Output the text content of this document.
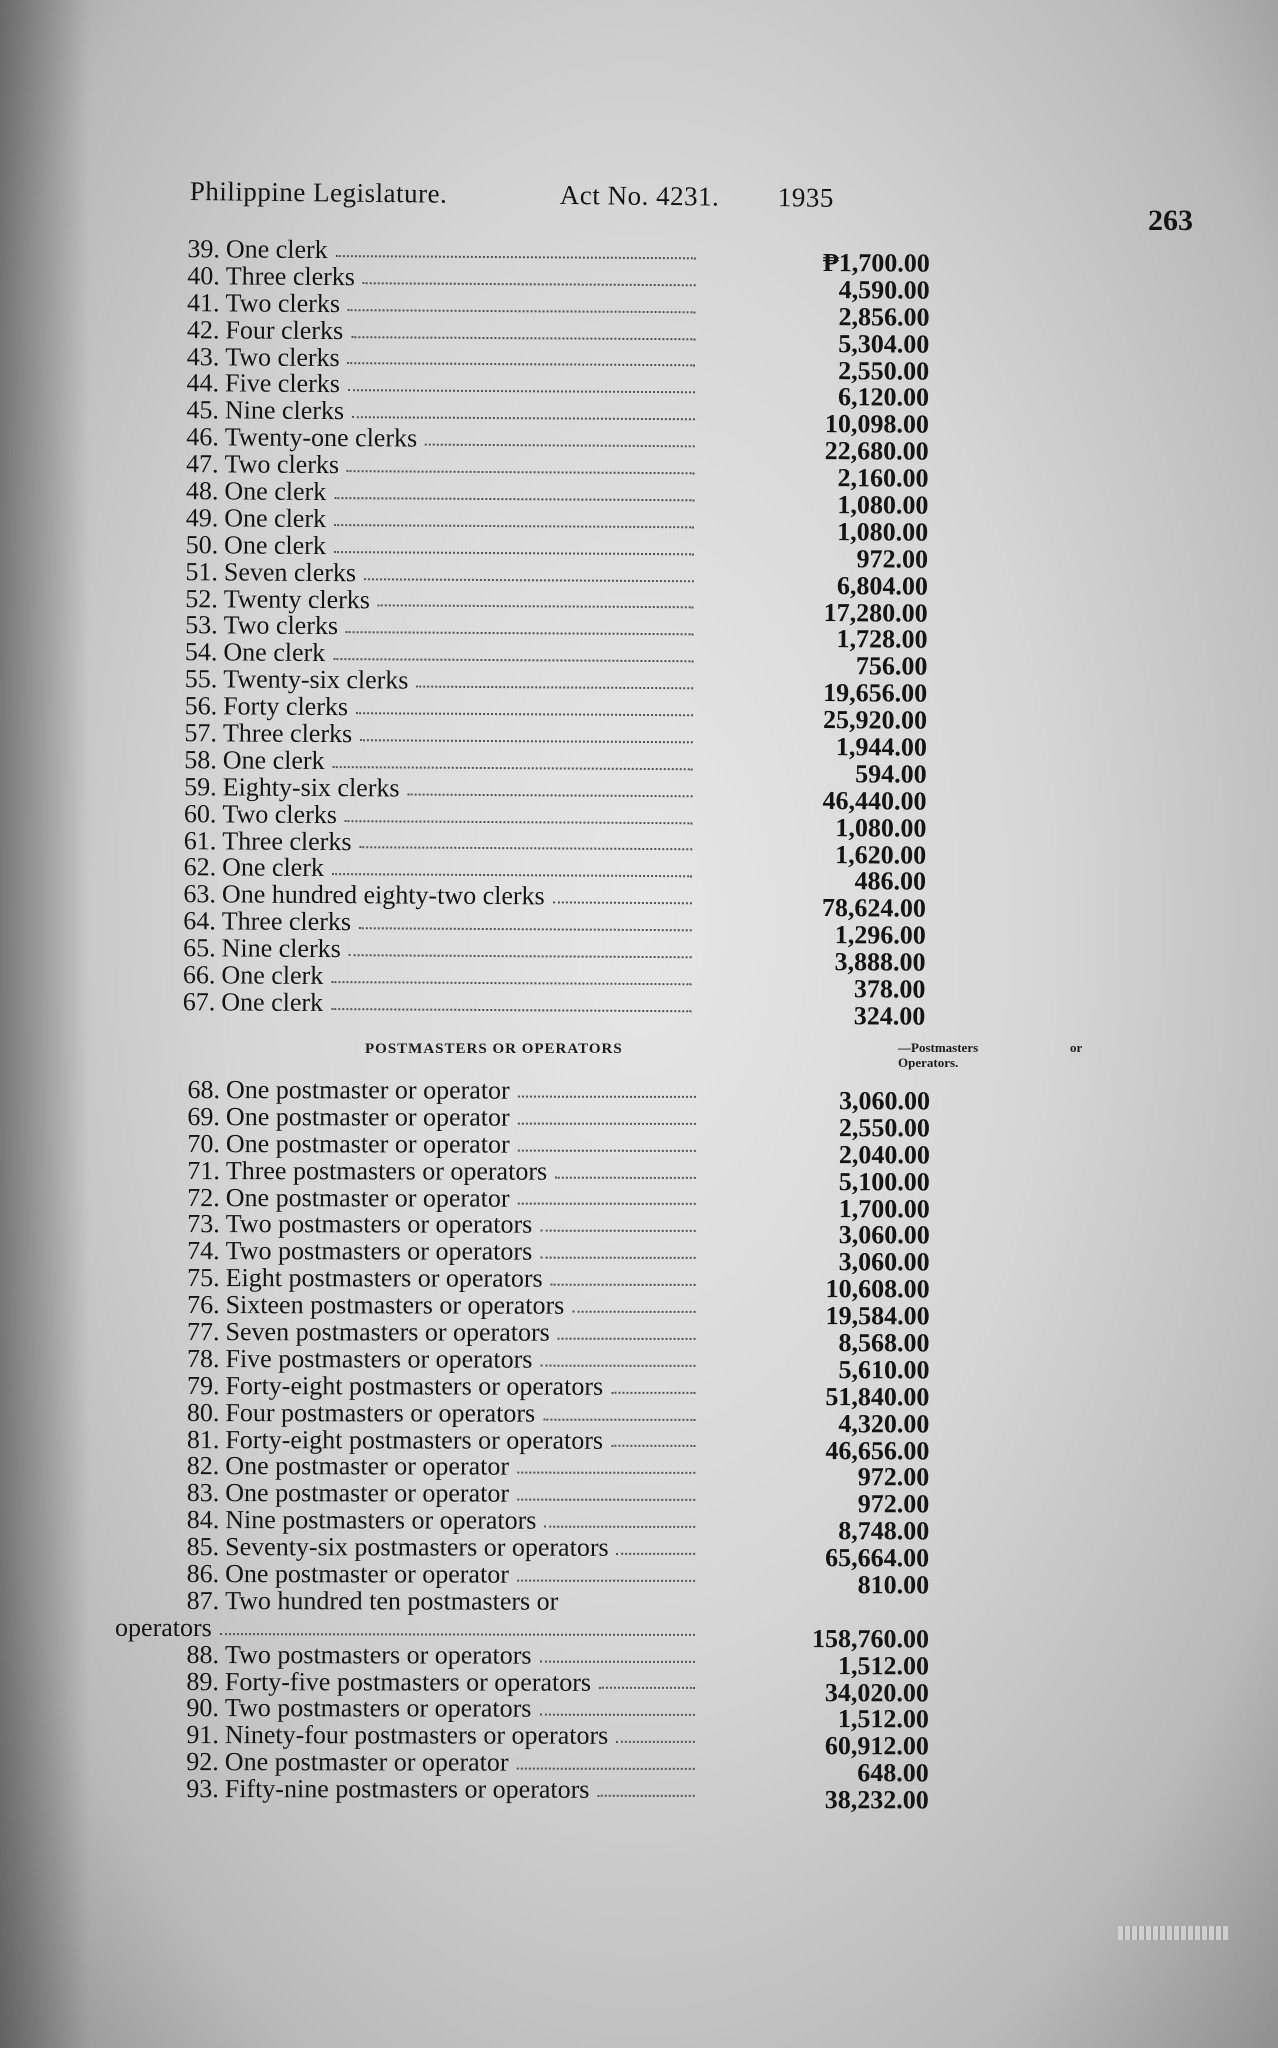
Philippine Legislature.	Act No. 4231. 1935
263
39. One clerk	₱1,700.00
40. Three clerks	4,590.00
41. Two clerks	2,856.00
42. Four clerks	5,304.00
43. Two clerks	2,550.00
44. Five clerks	6,120.00
45. Nine clerks	10,098.00
46. Twenty-one clerks	22,680.00
47. Two clerks	2,160.00
48. One clerk	1,080.00
49. One clerk	1,080.00
50. One clerk	972.00
51. Seven clerks	6,804.00
52. Twenty clerks	17,280.00
53. Two clerks	1,728.00
54. One clerk	756.00
55. Twenty-six clerks	19,656.00
56. Forty clerks	25,920.00
57. Three clerks	1,944.00
58. One clerk	594.00
59. Eighty-six clerks	46,440.00
60. Two clerks	1,080.00
61. Three clerks	1,620.00
62. One clerk	486.00
63. One hundred eighty-two clerks	78,624.00
64. Three clerks	1,296.00
65. Nine clerks	3,888.00
66. One clerk	378.00
67. One clerk	324.00
POSTMASTERS OR OPERATORS	—Postmasters	or

Operators.
68. One postmaster or operator	3,060.00
69. One postmaster or operator	2,550.00
70. One postmaster or operator	2,040.00
71. Three postmasters or operators	5,100.00
72. One postmaster or operator	1,700.00
73. Two postmasters or operators	3,060.00
74. Two postmasters or operators	3,060.00
75. Eight postmasters or operators	10,608.00
76. Sixteen postmasters or operators	19,584.00
77. Seven postmasters or operators	8,568.00
78. Five postmasters or operators	5,610.00
79. Forty-eight postmasters or operators	51,840.00
80. Four postmasters or operators	4,320.00
81. Forty-eight postmasters or operators	46,656.00
82. One postmaster or operator	972.00
83. One postmaster or operator	972.00
84. Nine postmasters or operators	8,748.00
85. Seventy-six postmasters or operators	65,664.00
86. One postmaster or operator	810.00
87. Two hundred ten postmasters or
operators	158,760.00
88. Two postmasters or operators	1,512.00
89. Forty-five postmasters or operators	34,020.00
90. Two postmasters or operators	1,512.00
91. Ninety-four postmasters or operators	60,912.00
92. One postmaster or operator	648.00
93. Fifty-nine postmasters or operators	38,232.00
